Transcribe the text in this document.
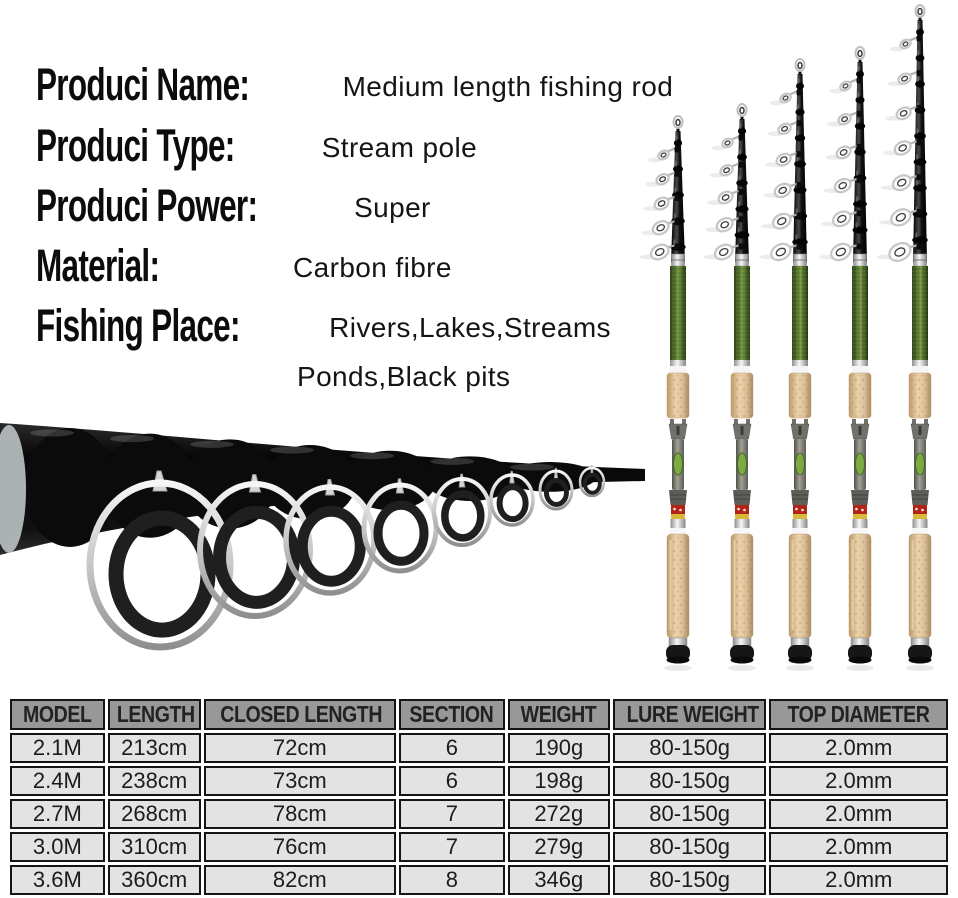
Produci Name:	Medium length fishing rod
Produci Type:	Stream pole
Produci Power:	Super
Material:	Carbon fibre
Fishing Place:	Rivers,Lakes,Streams
Ponds,Black pits
MODEL	LENGTH	CLOSED LENGTH	SECTION	WEIGHT	LURE WEIGHT	TOP DIAMETER
2.1M	213cm	72cm	6	190g	80-150g	2.0mm
2.4M	238cm	73cm	6	198g	80-150g	2.0mm
2.7M	268cm	78cm	7	272g	80-150g	2.0mm
3.0M	310cm	76cm	7	279g	80-150g	2.0mm
3.6M	360cm	82cm	8	346g	80-150g	2.0mm
